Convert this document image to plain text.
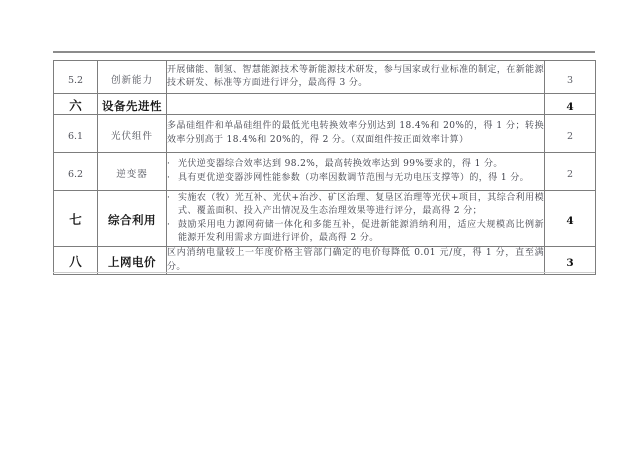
5.2	创新能力	开展储能、制氢、智慧能源技术等新能源技术研发，参与国家或行业标准的制定，在新能源技术研发、标准等方面进行评分，最高得 3 分。	3
六	设备先进性		4
6.1	光伏组件	多晶硅组件和单晶硅组件的最低光电转换效率分别达到 18.4%和 20%的，得 1 分；转换效率分别高于 18.4%和 20%的，得 2 分。（双面组件按正面效率计算）	2
6.2	逆变器	· 光伏逆变器综合效率达到 98.2%，最高转换效率达到 99%要求的，得 1 分。
· 具有更优逆变器涉网性能参数（功率因数调节范围与无功电压支撑等）的，得 1 分。	2
七	综合利用	· 实施农（牧）光互补、光伏+治沙、矿区治理、复垦区治理等光伏+项目，其综合利用模式、覆盖面积、投入产出情况及生态治理效果等进行评分，最高得 2 分；
· 鼓励采用电力源网荷储一体化和多能互补，促进新能源消纳利用，适应大规模高比例新能源开发利用需求方面进行评价，最高得 2 分。	4
八	上网电价	区内消纳电量较上一年度价格主管部门确定的电价每降低 0.01 元/度，得 1 分，直至满分。	3
